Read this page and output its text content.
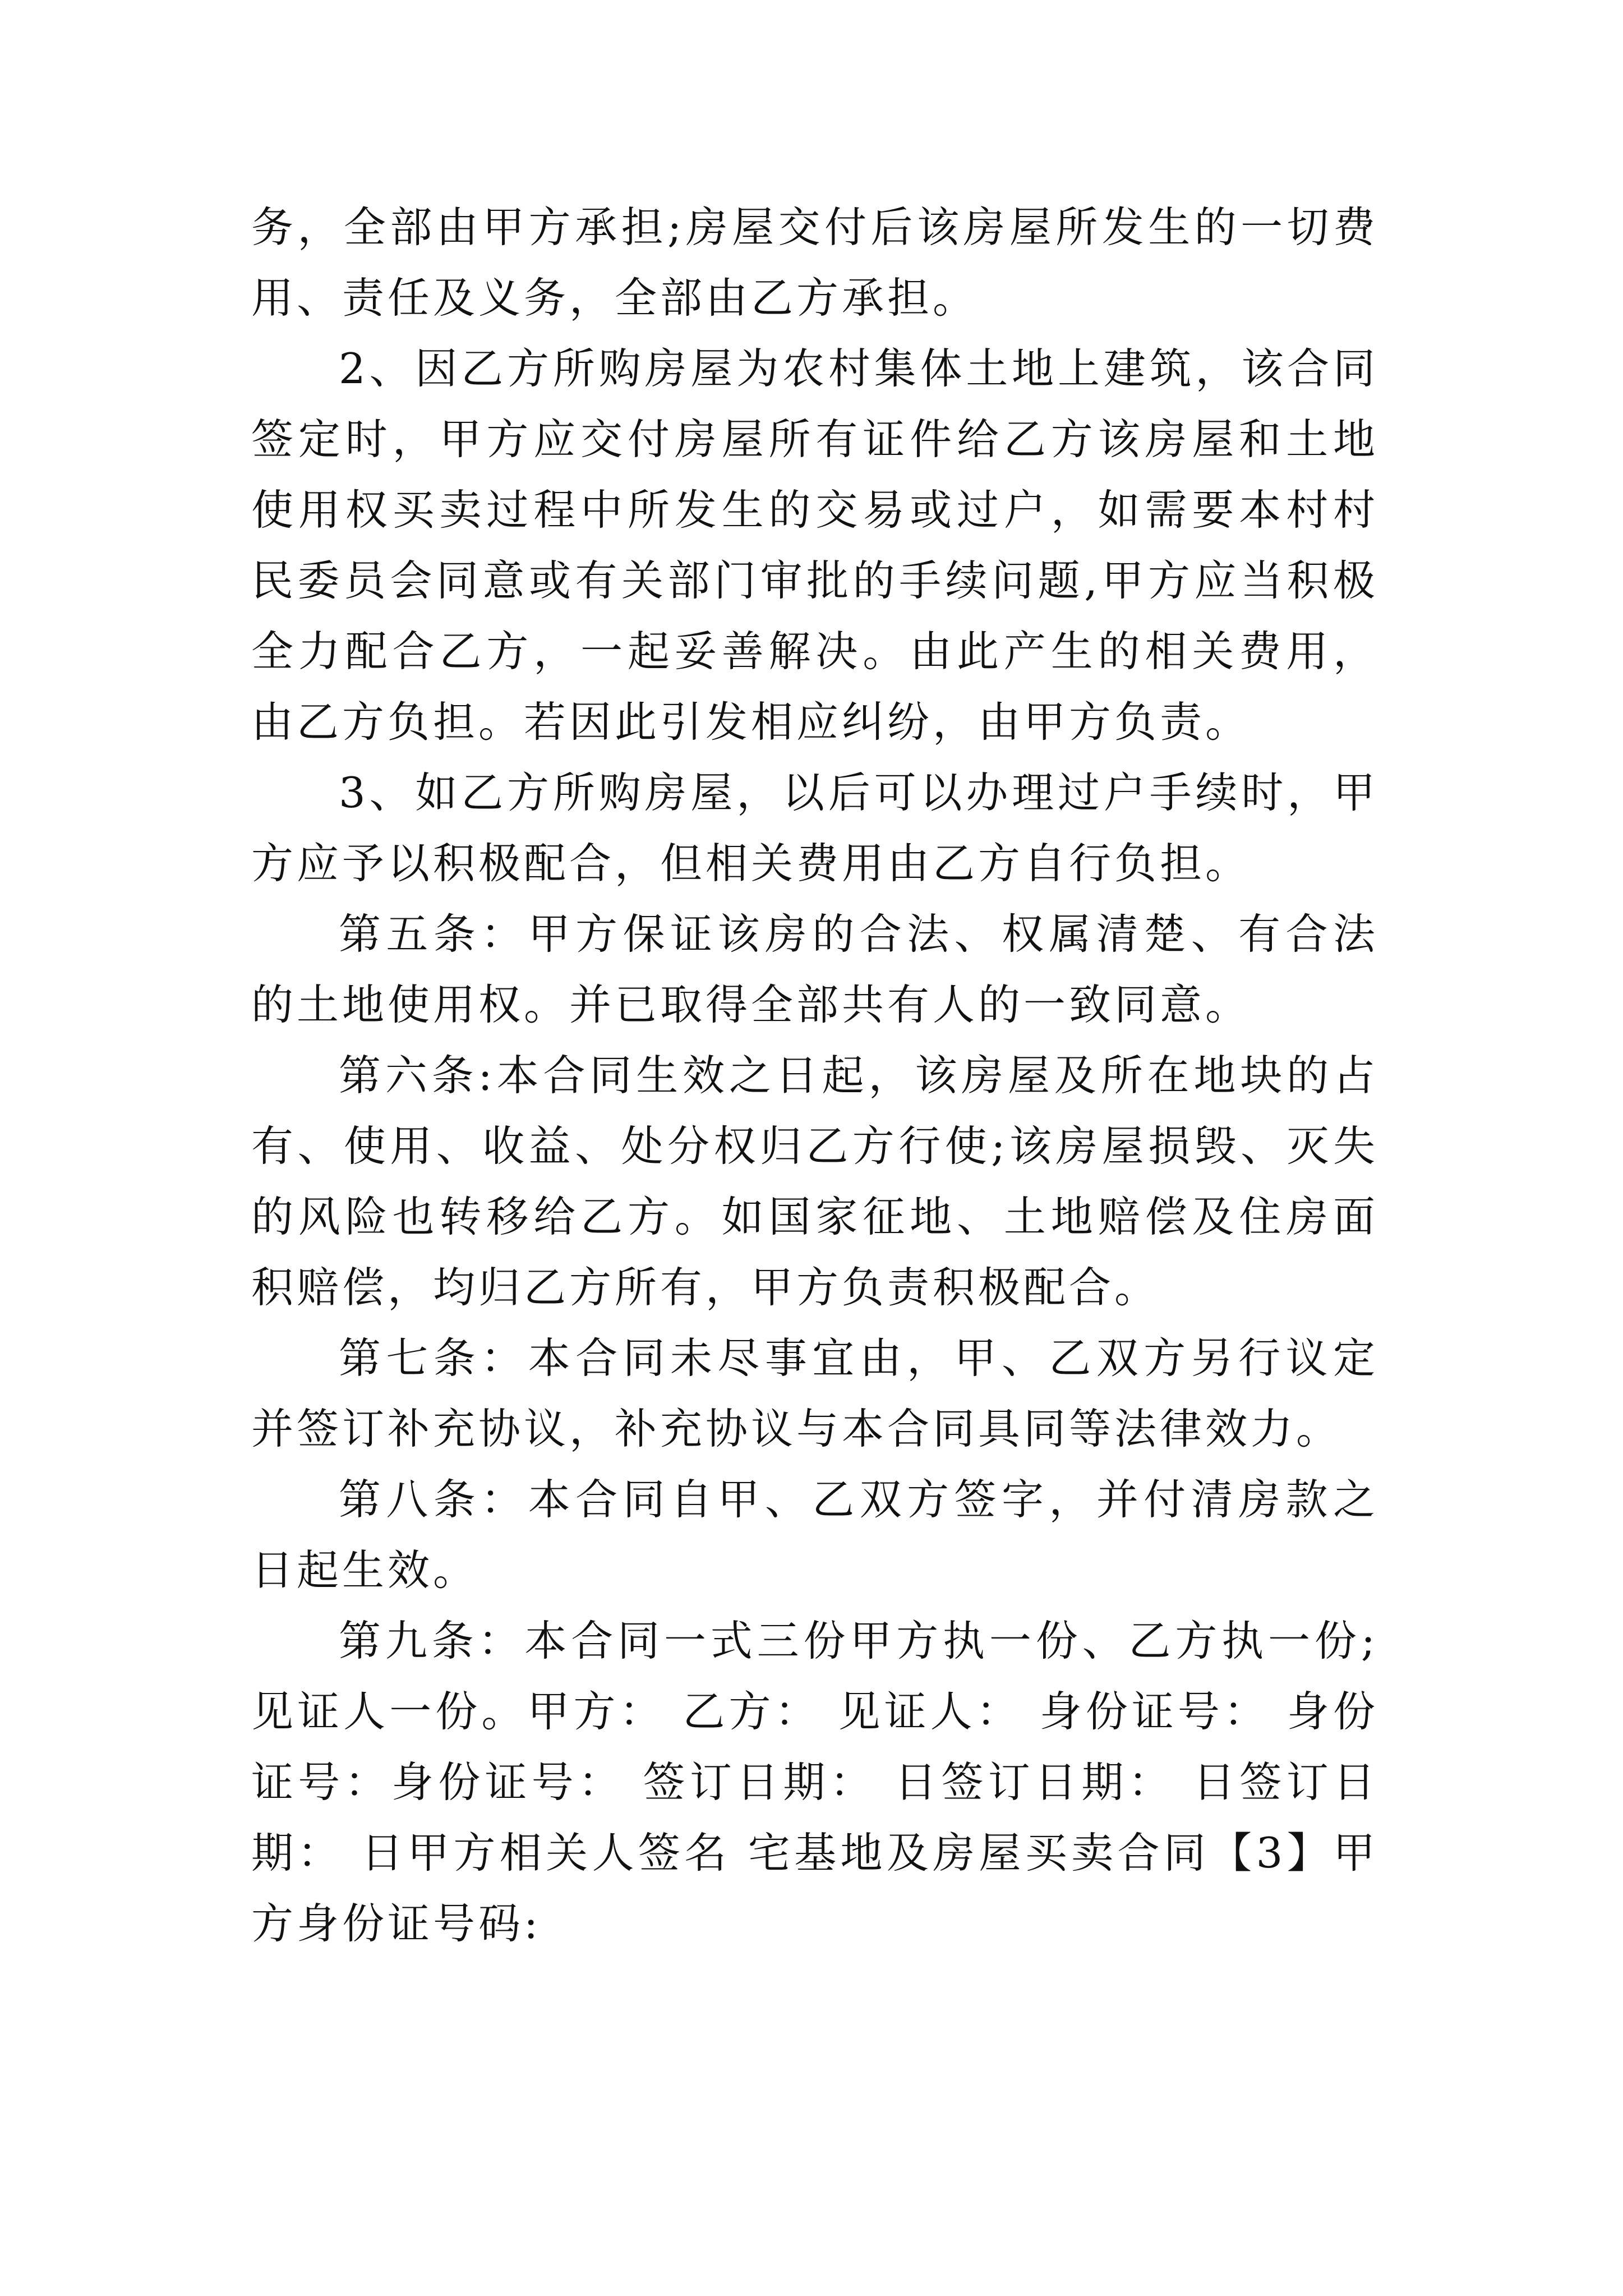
务，全部由甲方承担;房屋交付后该房屋所发生的一切费用、责任及义务，全部由乙方承担。

2、因乙方所购房屋为农村集体土地上建筑，该合同签定时，甲方应交付房屋所有证件给乙方该房屋和土地使用权买卖过程中所发生的交易或过户，如需要本村村民委员会同意或有关部门审批的手续问题,甲方应当积极全力配合乙方，一起妥善解决。由此产生的相关费用，由乙方负担。若因此引发相应纠纷，由甲方负责。

3、如乙方所购房屋，以后可以办理过户手续时，甲方应予以积极配合，但相关费用由乙方自行负担。

第五条：甲方保证该房的合法、权属清楚、有合法的土地使用权。并已取得全部共有人的一致同意。

第六条:本合同生效之日起，该房屋及所在地块的占有、使用、收益、处分权归乙方行使;该房屋损毁、灭失的风险也转移给乙方。如国家征地、土地赔偿及住房面积赔偿，均归乙方所有，甲方负责积极配合。

第七条：本合同未尽事宜由，甲、乙双方另行议定并签订补充协议，补充协议与本合同具同等法律效力。

第八条：本合同自甲、乙双方签字，并付清房款之日起生效。

第九条：本合同一式三份甲方执一份、乙方执一份;见证人一份。甲方： 乙方： 见证人： 身份证号： 身份证号：身份证号： 签订日期： 日签订日期： 日签订日期： 日甲方相关人签名 宅基地及房屋买卖合同【3】甲方身份证号码:
